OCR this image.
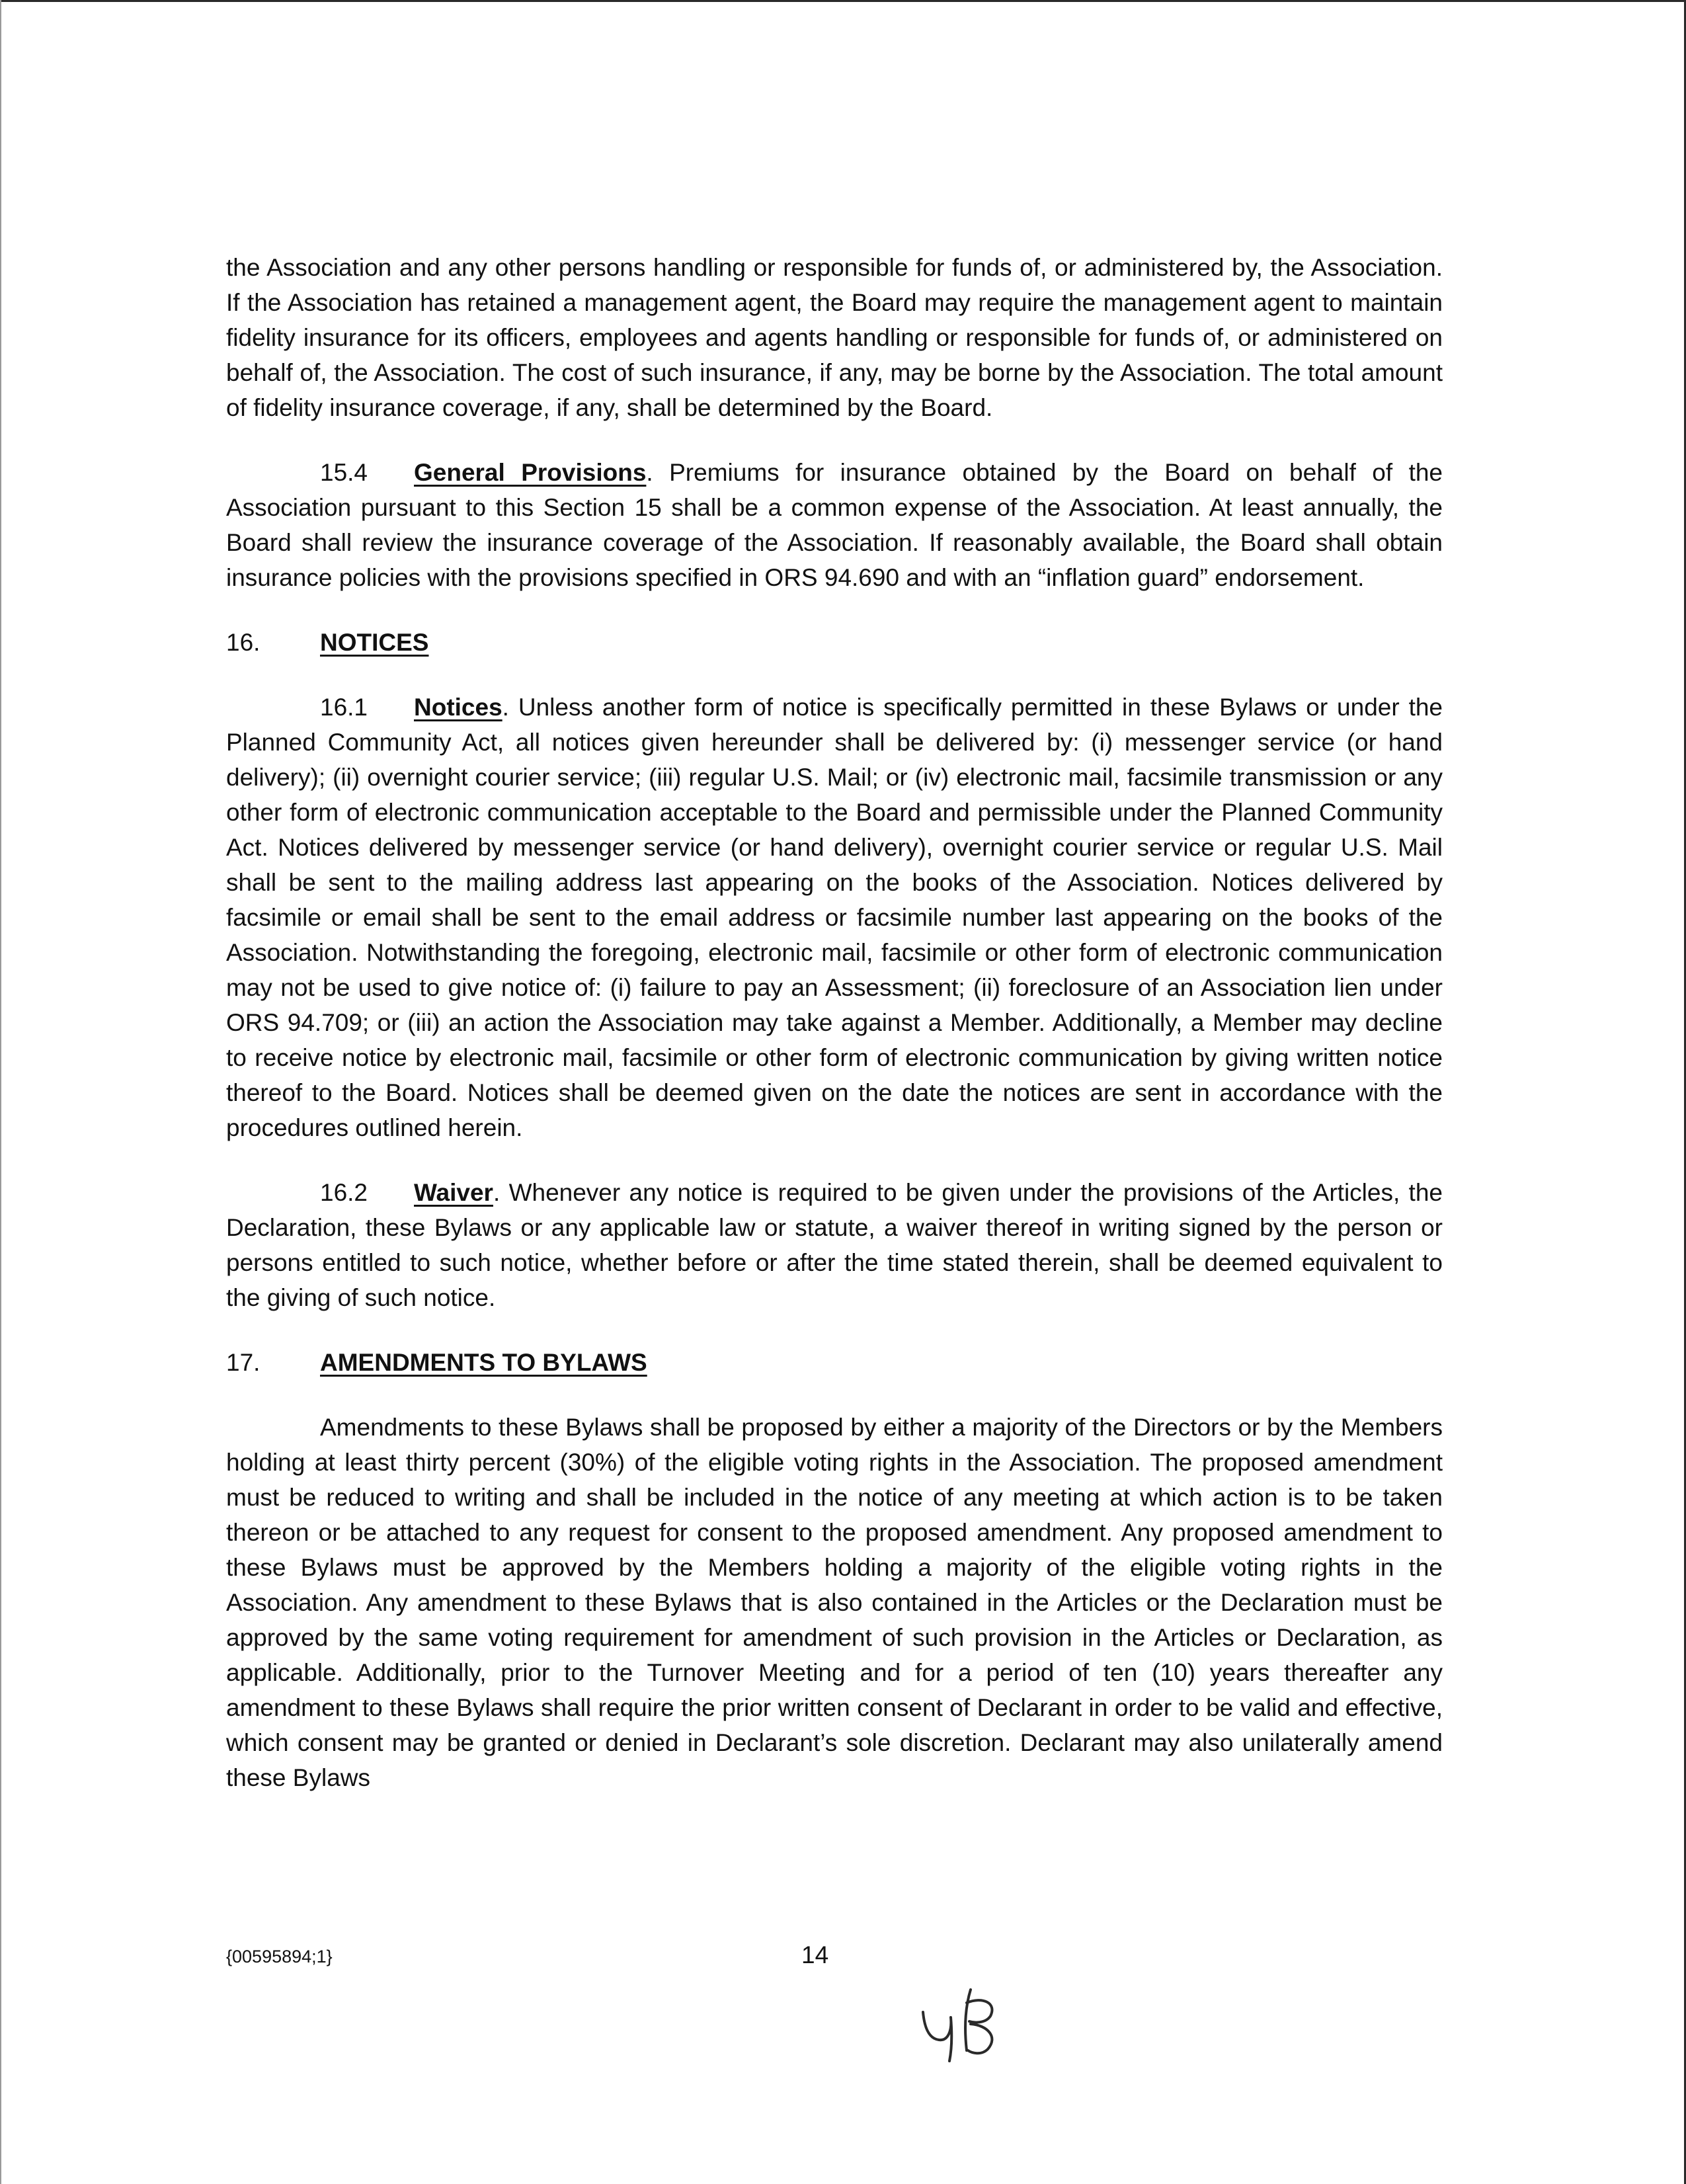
the Association and any other persons handling or responsible for funds of, or administered by, the Association. If the Association has retained a management agent, the Board may require the management agent to maintain fidelity insurance for its officers, employees and agents handling or responsible for funds of, or administered on behalf of, the Association. The cost of such insurance, if any, may be borne by the Association. The total amount of fidelity insurance coverage, if any, shall be determined by the Board.

15.4 General Provisions. Premiums for insurance obtained by the Board on behalf of the Association pursuant to this Section 15 shall be a common expense of the Association. At least annually, the Board shall review the insurance coverage of the Association. If reasonably available, the Board shall obtain insurance policies with the provisions specified in ORS 94.690 and with an “inflation guard” endorsement.

16. NOTICES

16.1 Notices. Unless another form of notice is specifically permitted in these Bylaws or under the Planned Community Act, all notices given hereunder shall be delivered by: (i) messenger service (or hand delivery); (ii) overnight courier service; (iii) regular U.S. Mail; or (iv) electronic mail, facsimile transmission or any other form of electronic communication acceptable to the Board and permissible under the Planned Community Act. Notices delivered by messenger service (or hand delivery), overnight courier service or regular U.S. Mail shall be sent to the mailing address last appearing on the books of the Association. Notices delivered by facsimile or email shall be sent to the email address or facsimile number last appearing on the books of the Association. Notwithstanding the foregoing, electronic mail, facsimile or other form of electronic communication may not be used to give notice of: (i) failure to pay an Assessment; (ii) foreclosure of an Association lien under ORS 94.709; or (iii) an action the Association may take against a Member. Additionally, a Member may decline to receive notice by electronic mail, facsimile or other form of electronic communication by giving written notice thereof to the Board. Notices shall be deemed given on the date the notices are sent in accordance with the procedures outlined herein.

16.2 Waiver. Whenever any notice is required to be given under the provisions of the Articles, the Declaration, these Bylaws or any applicable law or statute, a waiver thereof in writing signed by the person or persons entitled to such notice, whether before or after the time stated therein, shall be deemed equivalent to the giving of such notice.

17. AMENDMENTS TO BYLAWS

Amendments to these Bylaws shall be proposed by either a majority of the Directors or by the Members holding at least thirty percent (30%) of the eligible voting rights in the Association. The proposed amendment must be reduced to writing and shall be included in the notice of any meeting at which action is to be taken thereon or be attached to any request for consent to the proposed amendment. Any proposed amendment to these Bylaws must be approved by the Members holding a majority of the eligible voting rights in the Association. Any amendment to these Bylaws that is also contained in the Articles or the Declaration must be approved by the same voting requirement for amendment of such provision in the Articles or Declaration, as applicable. Additionally, prior to the Turnover Meeting and for a period of ten (10) years thereafter any amendment to these Bylaws shall require the prior written consent of Declarant in order to be valid and effective, which consent may be granted or denied in Declarant’s sole discretion. Declarant may also unilaterally amend these Bylaws

{00595894;1}	14
